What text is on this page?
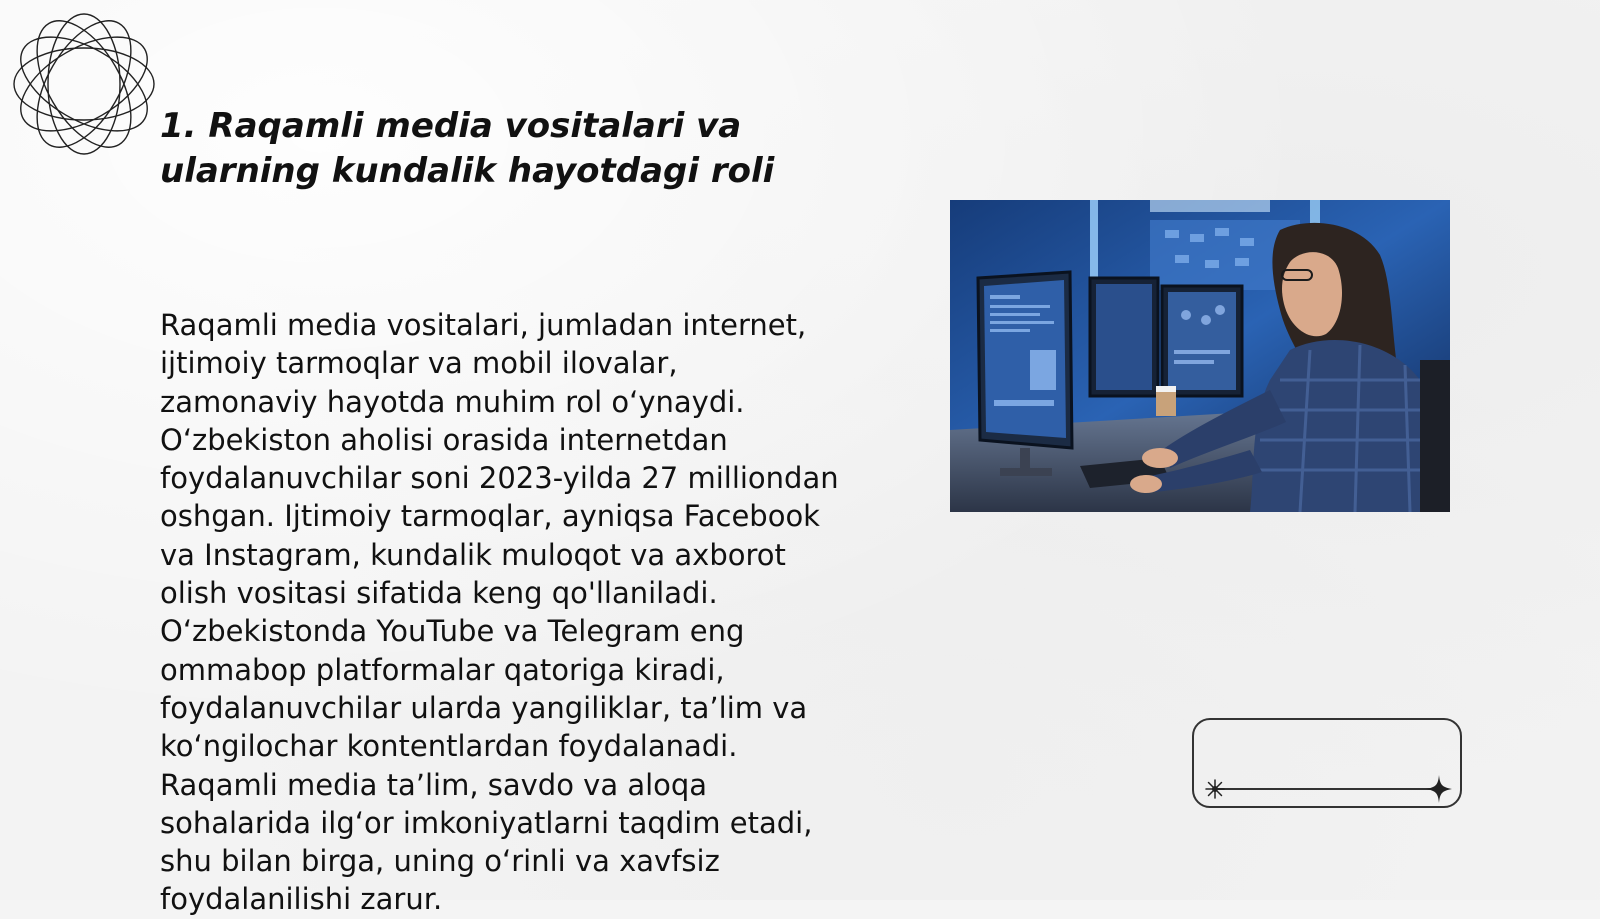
1. Raqamli media vositalari va
ularning kundalik hayotdagi roli

Raqamli media vositalari, jumladan internet, ijtimoiy tarmoqlar va mobil ilovalar, zamonaviy hayotda muhim rol o‘ynaydi. O‘zbekiston aholisi orasida internetdan foydalanuvchilar soni 2023-yilda 27 milliondan oshgan. Ijtimoiy tarmoqlar, ayniqsa Facebook va Instagram, kundalik muloqot va axborot olish vositasi sifatida keng qo'llaniladi. O‘zbekistonda YouTube va Telegram eng ommabop platformalar qatoriga kiradi, foydalanuvchilar ularda yangiliklar, ta’lim va ko‘ngilochar kontentlardan foydalanadi. Raqamli media ta’lim, savdo va aloqa sohalarida ilg‘or imkoniyatlarni taqdim etadi, shu bilan birga, uning o‘rinli va xavfsiz foydalanilishi zarur.
